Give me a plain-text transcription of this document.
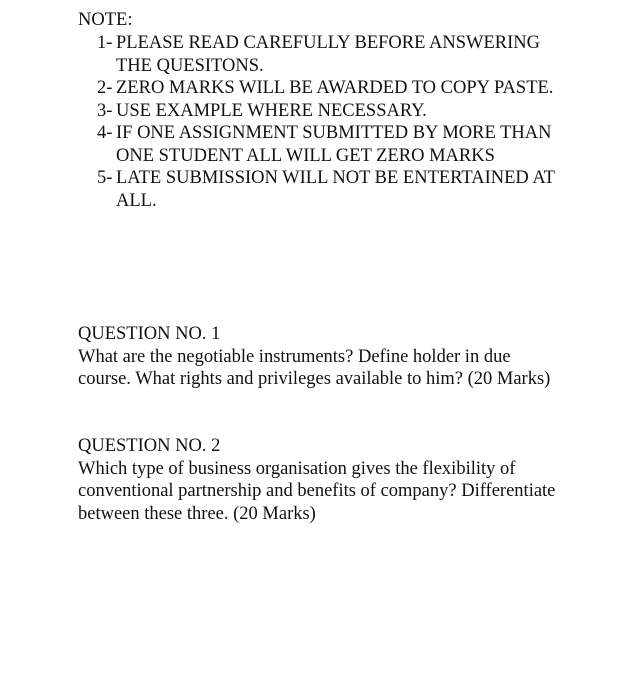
NOTE:
1- PLEASE READ CAREFULLY BEFORE ANSWERING THE QUESITONS.
2- ZERO MARKS WILL BE AWARDED TO COPY PASTE.
3- USE EXAMPLE WHERE NECESSARY.
4- IF ONE ASSIGNMENT SUBMITTED BY MORE THAN ONE STUDENT ALL WILL GET ZERO MARKS
5- LATE SUBMISSION WILL NOT BE ENTERTAINED AT ALL.
QUESTION NO. 1
What are the negotiable instruments? Define holder in due course. What rights and privileges available to him? (20 Marks)
QUESTION NO. 2
Which type of business organisation gives the flexibility of conventional partnership and benefits of company? Differentiate between these three. (20 Marks)
